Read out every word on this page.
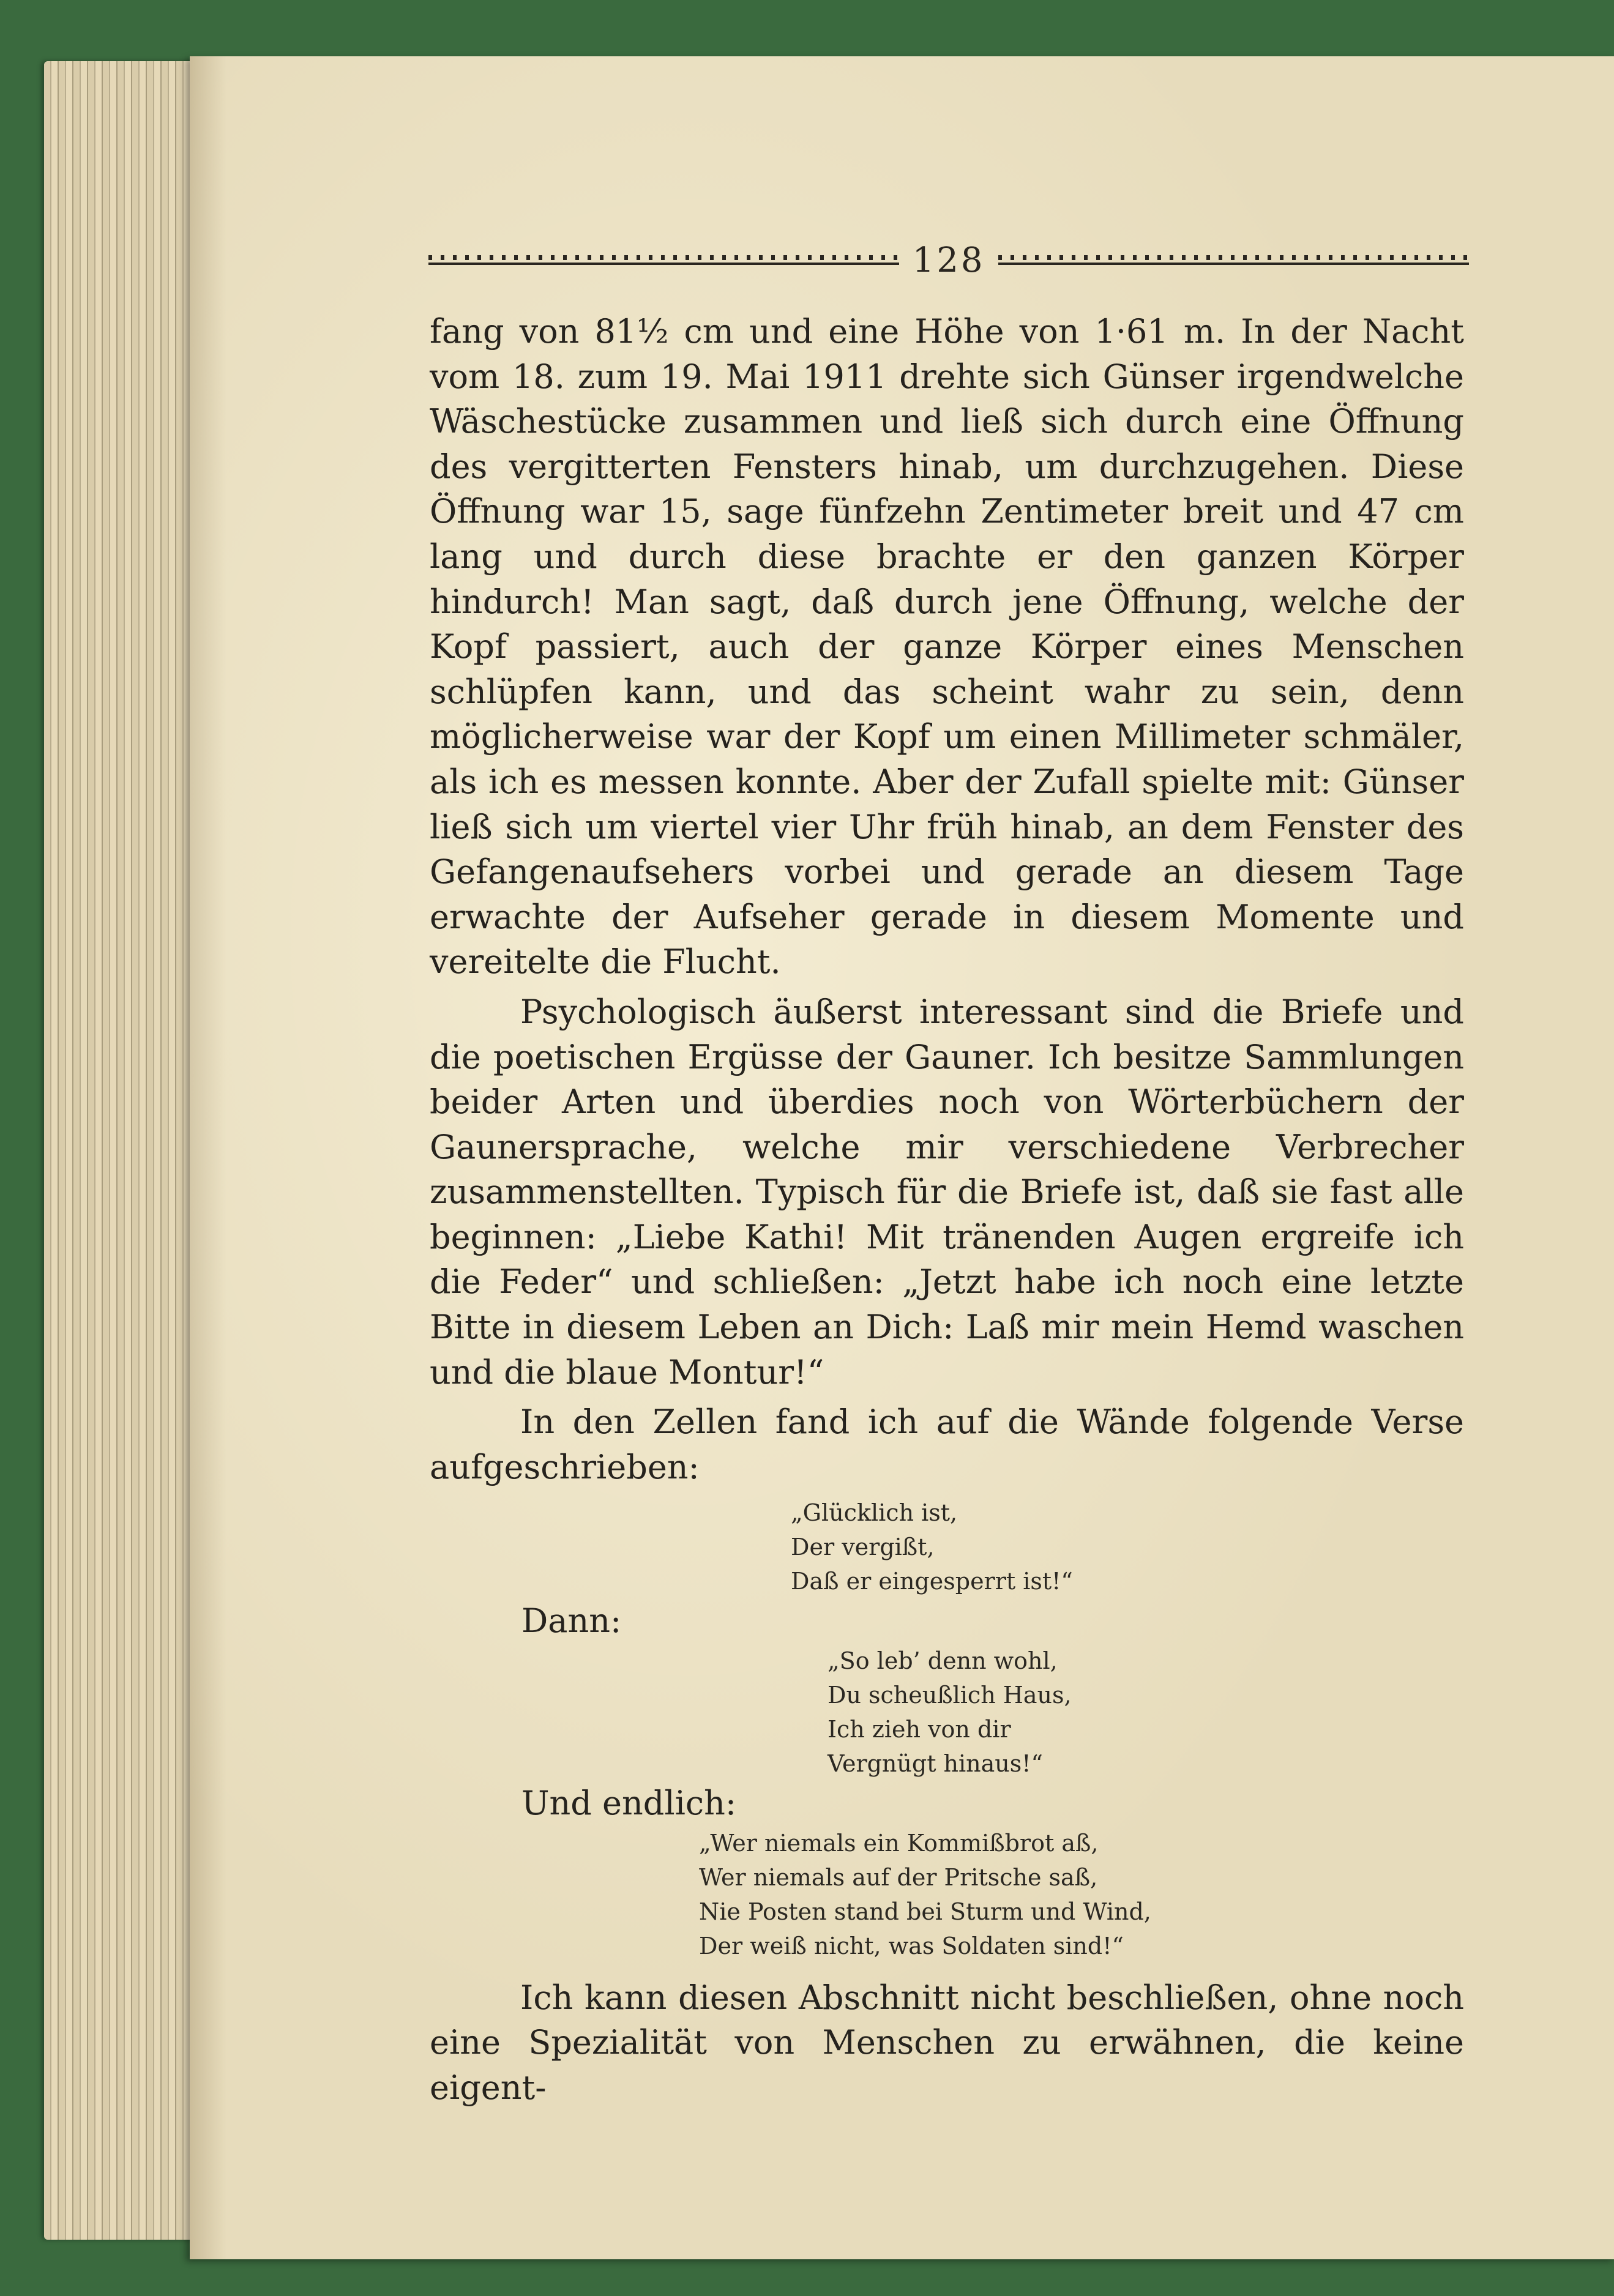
128

fang von 81½ cm und eine Höhe von 1·61 m. In der Nacht vom 18. zum 19. Mai 1911 drehte sich Günser irgendwelche Wäschestücke zusammen und ließ sich durch eine Öffnung des vergitterten Fensters hinab, um durchzugehen. Diese Öffnung war 15, sage fünfzehn Zentimeter breit und 47 cm lang und durch diese brachte er den ganzen Körper hindurch! Man sagt, daß durch jene Öffnung, welche der Kopf passiert, auch der ganze Körper eines Menschen schlüpfen kann, und das scheint wahr zu sein, denn möglicherweise war der Kopf um einen Millimeter schmäler, als ich es messen konnte. Aber der Zufall spielte mit: Günser ließ sich um viertel vier Uhr früh hinab, an dem Fenster des Gefangenaufsehers vorbei und gerade an diesem Tage erwachte der Aufseher gerade in diesem Momente und vereitelte die Flucht.

Psychologisch äußerst interessant sind die Briefe und die poetischen Ergüsse der Gauner. Ich besitze Sammlungen beider Arten und überdies noch von Wörterbüchern der Gaunersprache, welche mir verschiedene Verbrecher zusammenstellten. Typisch für die Briefe ist, daß sie fast alle beginnen: „Liebe Kathi! Mit tränenden Augen ergreife ich die Feder“ und schließen: „Jetzt habe ich noch eine letzte Bitte in diesem Leben an Dich: Laß mir mein Hemd waschen und die blaue Montur!“

In den Zellen fand ich auf die Wände folgende Verse aufgeschrieben:

„Glücklich ist,
Der vergißt,
Daß er eingesperrt ist!“

Dann:

„So leb’ denn wohl,
Du scheußlich Haus,
Ich zieh von dir
Vergnügt hinaus!“

Und endlich:

„Wer niemals ein Kommißbrot aß,
Wer niemals auf der Pritsche saß,
Nie Posten stand bei Sturm und Wind,
Der weiß nicht, was Soldaten sind!“

Ich kann diesen Abschnitt nicht beschließen, ohne noch eine Spezialität von Menschen zu erwähnen, die keine eigent-
